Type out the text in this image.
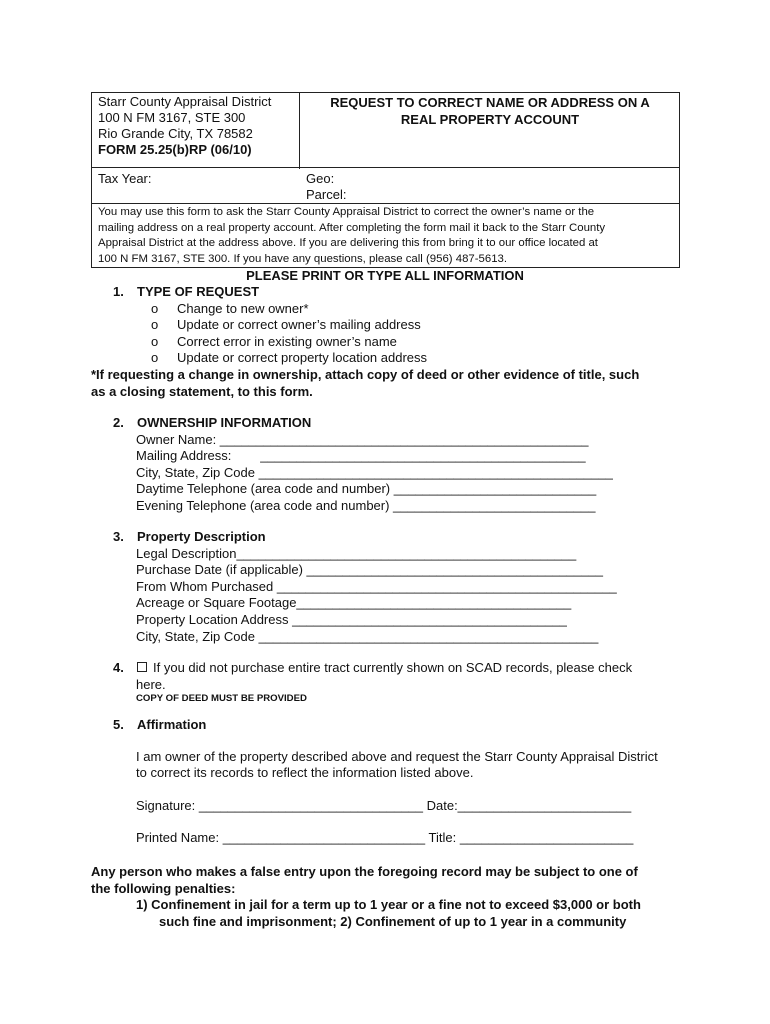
Starr County Appraisal District
100 N FM 3167, STE 300
Rio Grande City, TX 78582
FORM 25.25(b)RP (06/10)
REQUEST TO CORRECT NAME OR ADDRESS ON A
REAL PROPERTY ACCOUNT
Tax Year:	Geo:
Parcel:
You may use this form to ask the Starr County Appraisal District to correct the owner’s name or the
mailing address on a real property account. After completing the form mail it back to the Starr County
Appraisal District at the address above. If you are delivering this from bring it to our office located at
100 N FM 3167, STE 300. If you have any questions, please call (956) 487-5613.
PLEASE PRINT OR TYPE ALL INFORMATION
1. TYPE OF REQUEST
o Change to new owner*
o Update or correct owner’s mailing address
o Correct error in existing owner’s name
o Update or correct property location address
*If requesting a change in ownership, attach copy of deed or other evidence of title, such
as a closing statement, to this form.
2. OWNERSHIP INFORMATION
Owner Name: ___________________________________________________
Mailing Address:        _____________________________________________
City, State, Zip Code _________________________________________________
Daytime Telephone (area code and number) ____________________________
Evening Telephone (area code and number) ____________________________
3. Property Description
Legal Description_______________________________________________
Purchase Date (if applicable) _________________________________________
From Whom Purchased _______________________________________________
Acreage or Square Footage______________________________________
Property Location Address ______________________________________
City, State, Zip Code _______________________________________________
4. If you did not purchase entire tract currently shown on SCAD records, please check
here.
COPY OF DEED MUST BE PROVIDED
5. Affirmation
I am owner of the property described above and request the Starr County Appraisal District
to correct its records to reflect the information listed above.
Signature: _______________________________ Date:________________________
Printed Name: ____________________________ Title: ________________________
Any person who makes a false entry upon the foregoing record may be subject to one of
the following penalties:
1) Confinement in jail for a term up to 1 year or a fine not to exceed $3,000 or both
such fine and imprisonment; 2) Confinement of up to 1 year in a community
